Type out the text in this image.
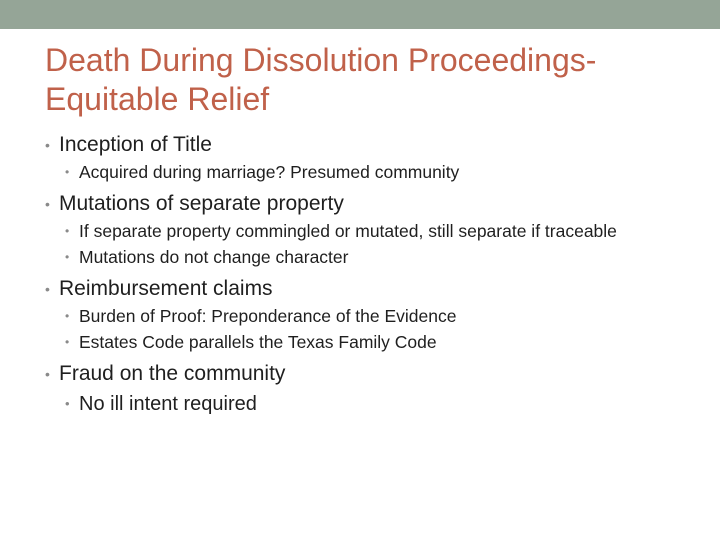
Death During Dissolution Proceedings-
Equitable Relief
• Inception of Title
• Acquired during marriage? Presumed community
• Mutations of separate property
• If separate property commingled or mutated, still separate if traceable
• Mutations do not change character
• Reimbursement claims
• Burden of Proof: Preponderance of the Evidence
• Estates Code parallels the Texas Family Code
• Fraud on the community
• No ill intent required
